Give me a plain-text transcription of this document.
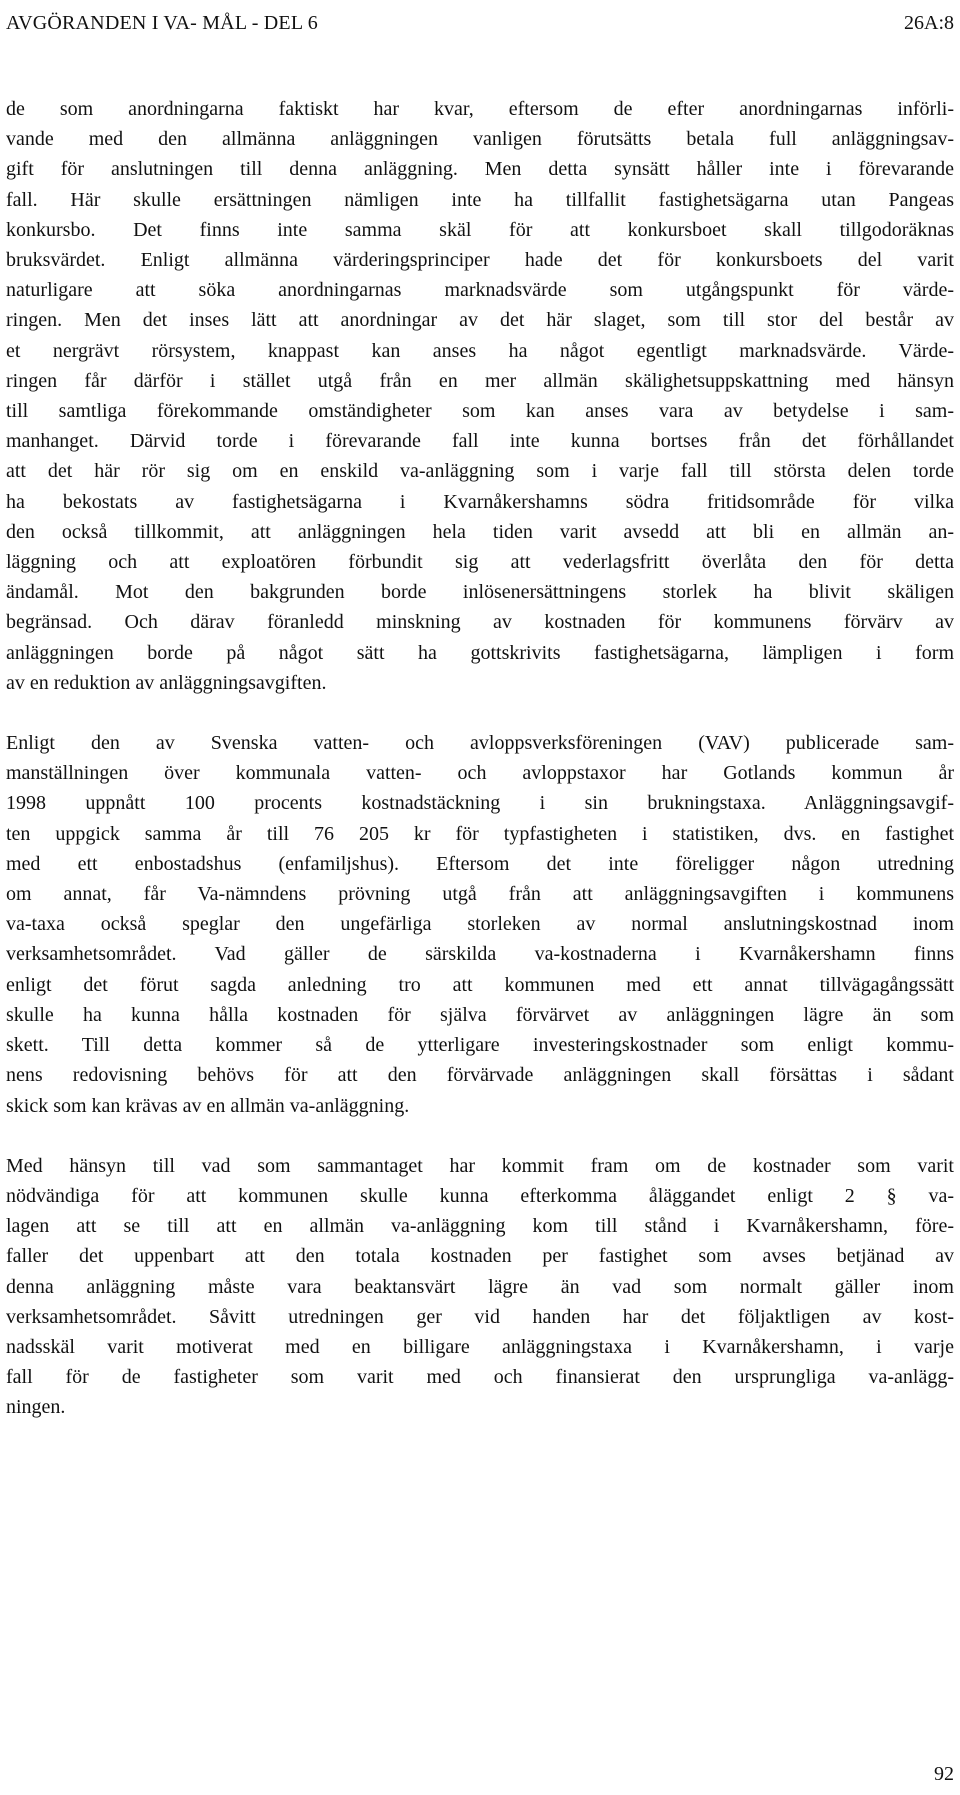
AVGÖRANDEN I VA- MÅL - DEL 6	26A:8

de som anordningarna faktiskt har kvar, eftersom de efter anordningarnas införli-
vande med den allmänna anläggningen vanligen förutsätts betala full anläggningsav-
gift för anslutningen till denna anläggning. Men detta synsätt håller inte i förevarande
fall. Här skulle ersättningen nämligen inte ha tillfallit fastighetsägarna utan Pangeas
konkursbo. Det finns inte samma skäl för att konkursboet skall tillgodoräknas
bruksvärdet. Enligt allmänna värderingsprinciper hade det för konkursboets del varit
naturligare att söka anordningarnas marknadsvärde som utgångspunkt för värde-
ringen. Men det inses lätt att anordningar av det här slaget, som till stor del består av
et nergrävt rörsystem, knappast kan anses ha något egentligt marknadsvärde. Värde-
ringen får därför i stället utgå från en mer allmän skälighetsuppskattning med hänsyn
till samtliga förekommande omständigheter som kan anses vara av betydelse i sam-
manhanget. Därvid torde i förevarande fall inte kunna bortses från det förhållandet
att det här rör sig om en enskild va-anläggning som i varje fall till största delen torde
ha bekostats av fastighetsägarna i Kvarnåkershamns södra fritidsområde för vilka
den också tillkommit, att anläggningen hela tiden varit avsedd att bli en allmän an-
läggning och att exploatören förbundit sig att vederlagsfritt överlåta den för detta
ändamål. Mot den bakgrunden borde inlösenersättningens storlek ha blivit skäligen
begränsad. Och därav föranledd minskning av kostnaden för kommunens förvärv av
anläggningen borde på något sätt ha gottskrivits fastighetsägarna, lämpligen i form
av en reduktion av anläggningsavgiften.

Enligt den av Svenska vatten- och avloppsverksföreningen (VAV) publicerade sam-
manställningen över kommunala vatten- och avloppstaxor har Gotlands kommun år
1998 uppnått 100 procents kostnadstäckning i sin brukningstaxa. Anläggningsavgif-
ten uppgick samma år till 76 205 kr för typfastigheten i statistiken, dvs. en fastighet
med ett enbostadshus (enfamiljshus). Eftersom det inte föreligger någon utredning
om annat, får Va-nämndens prövning utgå från att anläggningsavgiften i kommunens
va-taxa också speglar den ungefärliga storleken av normal anslutningskostnad inom
verksamhetsområdet. Vad gäller de särskilda va-kostnaderna i Kvarnåkershamn finns
enligt det förut sagda anledning tro att kommunen med ett annat tillvägagångssätt
skulle ha kunna hålla kostnaden för själva förvärvet av anläggningen lägre än som
skett. Till detta kommer så de ytterligare investeringskostnader som enligt kommu-
nens redovisning behövs för att den förvärvade anläggningen skall försättas i sådant
skick som kan krävas av en allmän va-anläggning.

Med hänsyn till vad som sammantaget har kommit fram om de kostnader som varit
nödvändiga för att kommunen skulle kunna efterkomma åläggandet enligt 2 § va-
lagen att se till att en allmän va-anläggning kom till stånd i Kvarnåkershamn, före-
faller det uppenbart att den totala kostnaden per fastighet som avses betjänad av
denna anläggning måste vara beaktansvärt lägre än vad som normalt gäller inom
verksamhetsområdet. Såvitt utredningen ger vid handen har det följaktligen av kost-
nadsskäl varit motiverat med en billigare anläggningstaxa i Kvarnåkershamn, i varje
fall för de fastigheter som varit med och finansierat den ursprungliga va-anlägg-
ningen.

92
